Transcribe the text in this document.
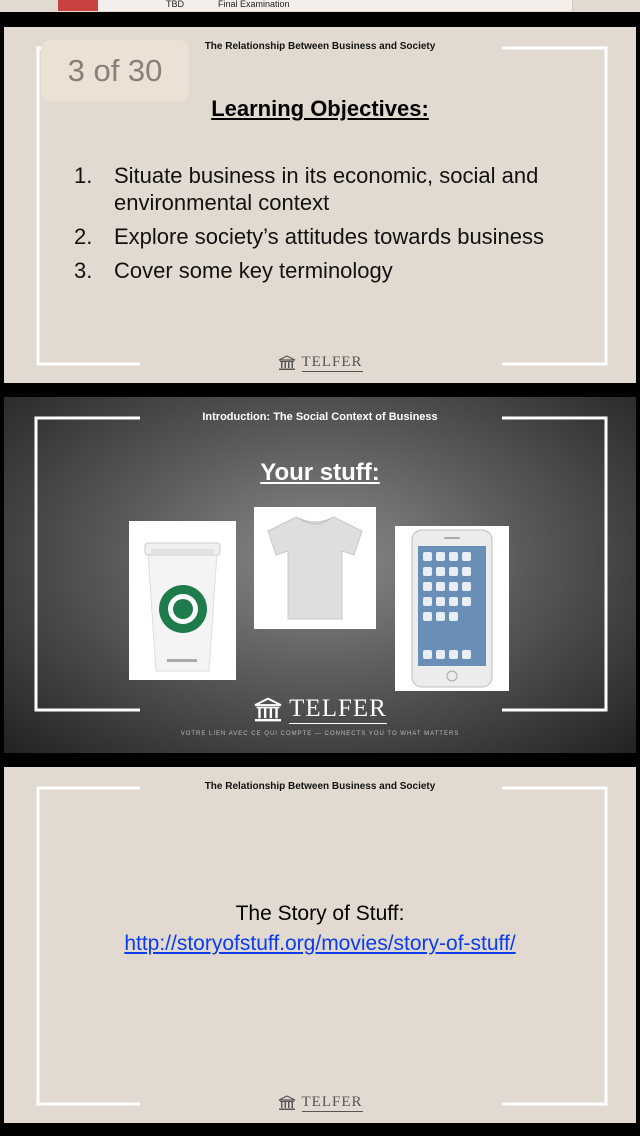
TBD	Final Examination
3 of 30
The Relationship Between Business and Society
Learning Objectives:
1. Situate business in its economic, social and environmental context
2. Explore society’s attitudes towards business
3. Cover some key terminology
TELFER
Introduction: The Social Context of Business
Your stuff:
TELFER
VOTRE LIEN AVEC CE QUI COMPTE — CONNECTS YOU TO WHAT MATTERS
The Relationship Between Business and Society
The Story of Stuff:
http://storyofstuff.org/movies/story-of-stuff/
TELFER
